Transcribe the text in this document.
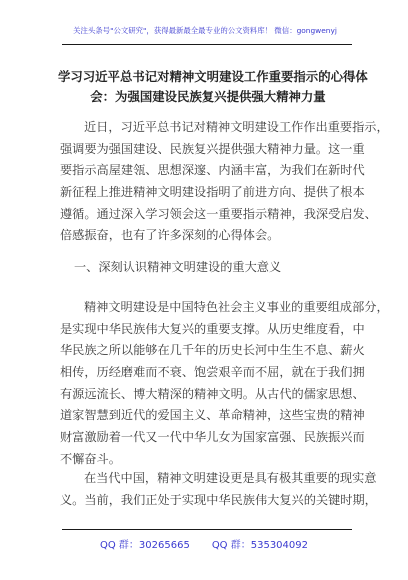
关注头条号"公文研究"，获得最新最全最专业的公文资料库！ 微信：gongwenyj
学习习近平总书记对精神文明建设工作重要指示的心得体
会：为强国建设民族复兴提供强大精神力量
近日，习近平总书记对精神文明建设工作作出重要指示，
强调要为强国建设、民族复兴提供强大精神力量。这一重
要指示高屋建瓴、思想深邃、内涵丰富，为我们在新时代
新征程上推进精神文明建设指明了前进方向、提供了根本
遵循。通过深入学习领会这一重要指示精神，我深受启发、
倍感振奋，也有了许多深刻的心得体会。
一、深刻认识精神文明建设的重大意义
精神文明建设是中国特色社会主义事业的重要组成部分，
是实现中华民族伟大复兴的重要支撑。从历史维度看，中
华民族之所以能够在几千年的历史长河中生生不息、薪火
相传，历经磨难而不衰、饱尝艰辛而不屈，就在于我们拥
有源远流长、博大精深的精神文明。从古代的儒家思想、
道家智慧到近代的爱国主义、革命精神，这些宝贵的精神
财富激励着一代又一代中华儿女为国家富强、民族振兴而
不懈奋斗。
在当代中国，精神文明建设更是具有极其重要的现实意
义。当前，我们正处于实现中华民族伟大复兴的关键时期，
QQ 群：30265665 QQ 群：535304092
